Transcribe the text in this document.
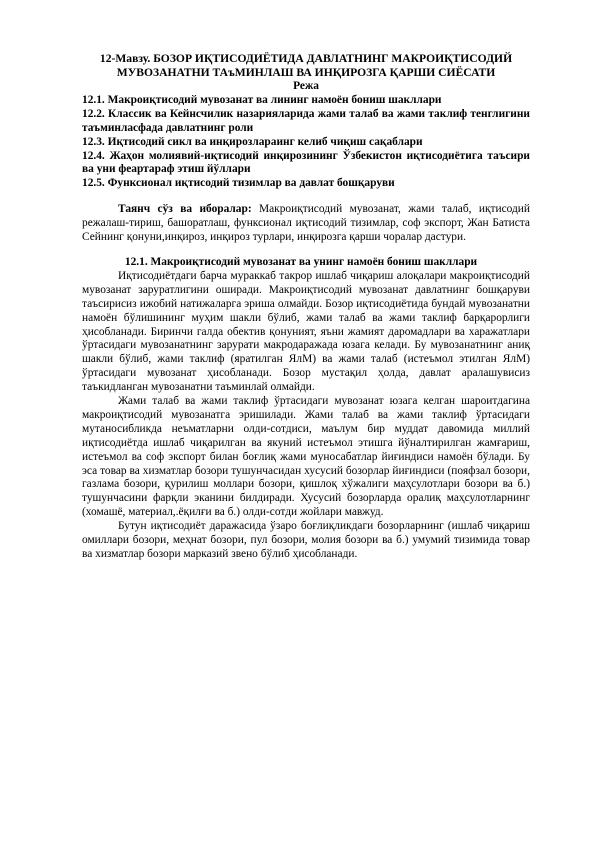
12-Мавзу. БОЗОР ИҚТИСОДИЁТИДА ДАВЛАТНИНГ МАКРОИҚТИСОДИЙ МУВОЗАНАТНИ ТАъМИНЛАШ ВА ИНҚИРОЗГА ҚАРШИ СИЁСАТИ

Режа

12.1. Макроиқтисодий мувозанат ва лининг намоён бониш шакллари

12.2. Классик ва Кейнсчилик назарияларида жами талаб ва жами таклиф тенглигини таъминласфада давлатнинг роли

12.3. Иқтисодий сикл ва инқирозлараинг келиб чиқиш сақаблари

12.4. Жаҳон молиявий-иқтисодий инқирозининг Ўзбекистон иқтисодиётига таъсири ва уни феартараф этиш йўллари

12.5. Функсионал иқтисодий тизимлар ва давлат бошқаруви

Таянч сўз ва иборалар: Макроиқтисодий мувозанат, жами талаб, иқтисодий режалаш-тириш, башоратлаш, функсионал иқтисодий тизимлар, соф экспорт, Жан Батиста Сейнинг қонуни,инқироз, инқироз турлари, инқирозга қарши чоралар дастури.

12.1. Макроиқтисодий мувозанат ва унинг намоён бониш шакллари

Иқтисодиётдаги барча мураккаб такрор ишлаб чиқариш алоқалари макроиқтисодий мувозанат заруратлигини оширади. Макроиқтисодий мувозанат давлатнинг бошқаруви таъсирисиз ижобий натижаларга эриша олмайди. Бозор иқтисодиётида бундай мувозанатни намоён бўлишининг муҳим шакли бўлиб, жами талаб ва жами таклиф барқарорлиги ҳисобланади. Биринчи галда обектив қонуният, яъни жамият даромадлари ва харажатлари ўртасидаги мувозанатнинг зарурати макродаражада юзага келади. Бу мувозанатнинг аниқ шакли бўлиб, жами таклиф (яратилган ЯлМ) ва жами талаб (истеъмол этилган ЯлМ) ўртасидаги мувозанат ҳисобланади. Бозор мустақил ҳолда, давлат аралашувисиз таъкидланган мувозанатни таъминлай олмайди.

Жами талаб ва жами таклиф ўртасидаги мувозанат юзага келган шароитдагина макроиқтисодий мувозанатга эришилади. Жами талаб ва жами таклиф ўртасидаги мутаносибликда неъматларни олди-сотдиси, маълум бир муддат давомида миллий иқтисодиётда ишлаб чиқарилган ва якуний истеъмол этишга йўналтирилган жамғариш, истеъмол ва соф экспорт билан боғлиқ жами муносабатлар йиғиндиси намоён бўлади. Бу эса товар ва хизматлар бозори тушунчасидан хусусий бозорлар йиғиндиси (пояфзал бозори, газлама бозори, қурилиш моллари бозори, қишлоқ хўжалиги маҳсулотлари бозори ва б.) тушунчасини фарқли эканини билдиради. Хусусий бозорларда оралиқ маҳсулотларнинг (хомашё, материал,.ёқилғи ва б.) олди-сотди жойлари мавжуд.

Бутун иқтисодиёт даражасида ўзаро боғлиқликдаги бозорларнинг (ишлаб чиқариш омиллари бозори, меҳнат бозори, пул бозори, молия бозори ва б.) умумий тизимида товар ва хизматлар бозори марказий звено бўлиб ҳисобланади.
